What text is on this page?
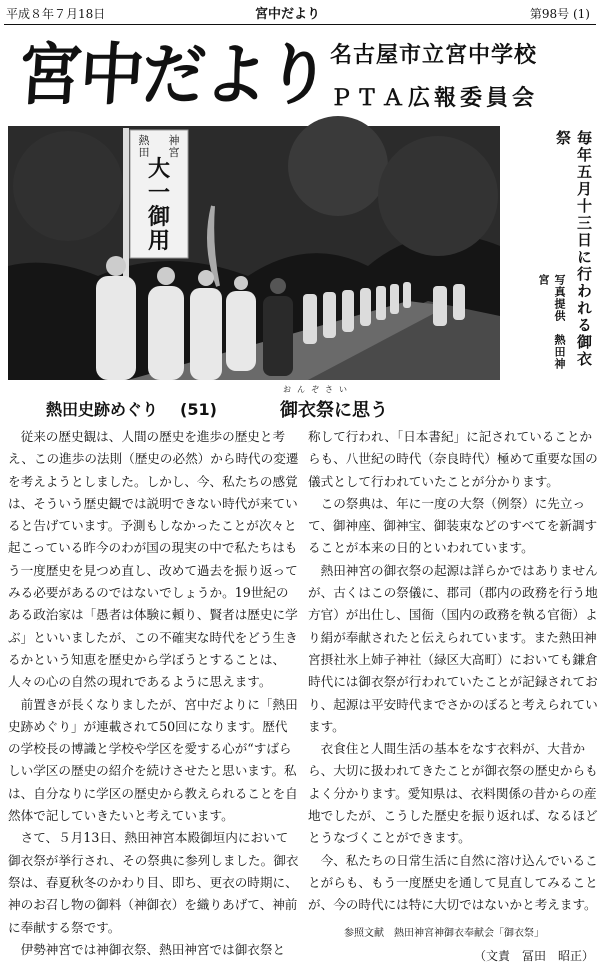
平成８年７月18日	宮中だより	第98号 (1)
宮中だより 名古屋市立宮中学校
ＰＴＡ広報委員会
熱田神宮
大一御用	毎年五月十三日に行われる御衣祭
写真提供　熱田神宮
熱田史跡めぐり (51)
おんぞさい
御衣祭に思う

従来の歴史観は、人間の歴史を進歩の歴史と考え、この進歩の法則（歴史の必然）から時代の変遷を考えようとしました。しかし、今、私たちの感覚は、そういう歴史観では説明できない時代が来ていると告げています。予測もしなかったことが次々と起こっている昨今のわが国の現実の中で私たちはもう一度歴史を見つめ直し、改めて過去を振り返ってみる必要があるのではないでしょうか。19世紀のある政治家は「愚者は体験に頼り、賢者は歴史に学ぶ」といいましたが、この不確実な時代をどう生きるかという知恵を歴史から学ぼうとすることは、人々の心の自然の現れであるように思えます。

前置きが長くなりましたが、宮中だよりに「熱田史跡めぐり」が連載されて50回になります。歴代の学校長の博識と学校や学区を愛する心が“すばらしい学区の歴史の紹介を続けさせたと思います。私は、自分なりに学区の歴史から教えられることを自然体で記していきたいと考えています。

さて、５月13日、熱田神宮本殿御垣内において御衣祭が挙行され、その祭典に参列しました。御衣祭は、春夏秋冬のかわり目、即ち、更衣の時期に、神のお召し物の御料（神御衣）を織りあげて、神前に奉献する祭です。

伊勢神宮では神御衣祭、熱田神宮では御衣祭と

称して行われ、「日本書紀」に記されていることからも、八世紀の時代（奈良時代）極めて重要な国の儀式として行われていたことが分かります。

この祭典は、年に一度の大祭（例祭）に先立って、御神座、御神宝、御装束などのすべてを新調することが本来の日的といわれています。

熱田神宮の御衣祭の起源は詳らかではありませんが、古くはこの祭儀に、郡司（郡内の政務を行う地方官）が出仕し、国衙（国内の政務を執る官衙）より絹が奉献されたと伝えられています。また熱田神宮摂社氷上姉子神社（緑区大高町）においても鎌倉時代には御衣祭が行われていたことが記録されており、起源は平安時代までさかのぼると考えられています。

衣食住と人間生活の基本をなす衣料が、大昔から、大切に扱われてきたことが御衣祭の歴史からもよく分かります。愛知県は、衣料関係の昔からの産地でしたが、こうした歴史を振り返れば、なるほどとうなづくことができます。

今、私たちの日常生活に自然に溶け込んでいることがらも、もう一度歴史を通して見直してみることが、今の時代には特に大切ではないかと考えます。

参照文献　熱田神宮神御衣奉献会「御衣祭」
（文責　冨田　昭正）
